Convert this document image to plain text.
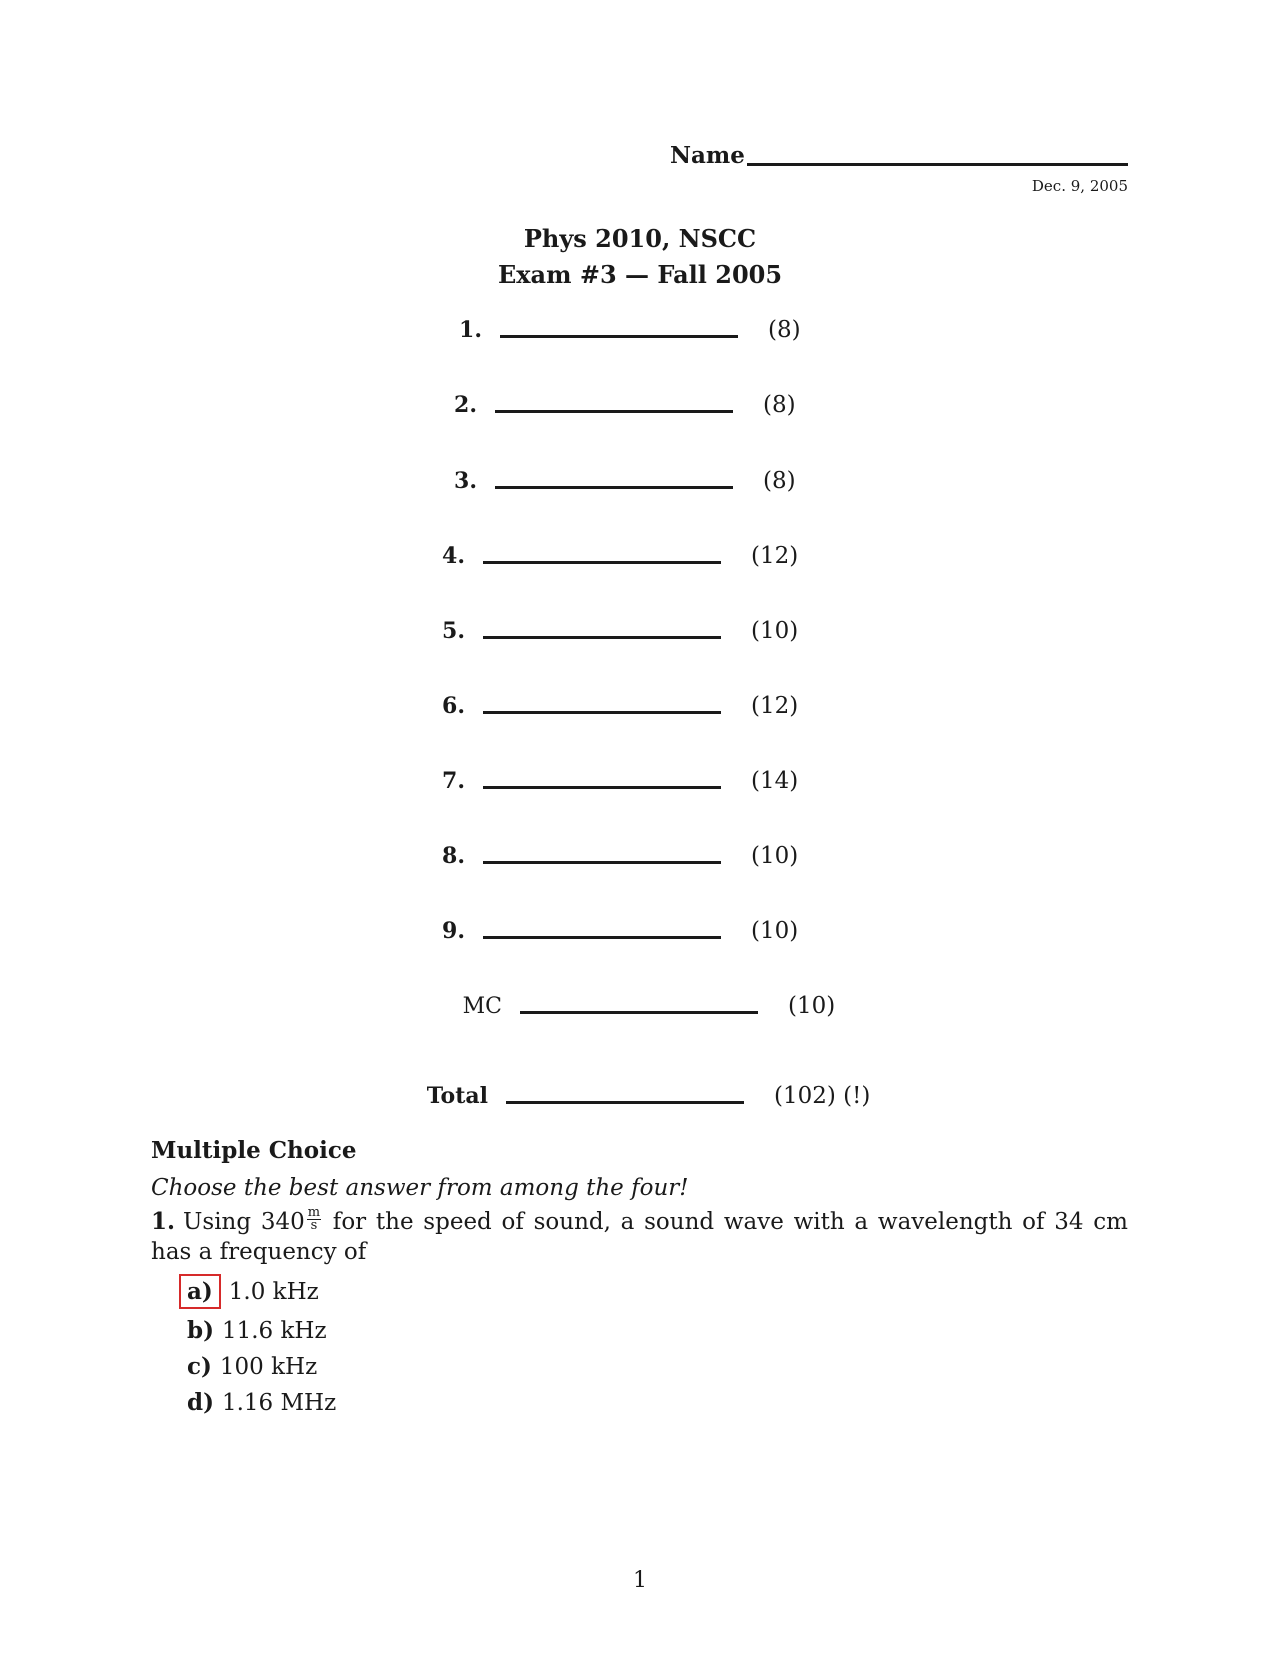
Name
Dec. 9, 2005
Phys 2010, NSCC
Exam #3 — Fall 2005
1.	(8)
2.	(8)
3.	(8)
4.	(12)
5.	(10)
6.	(12)
7.	(14)
8.	(10)
9.	(10)
MC	(10)
Total	(102) (!)
Multiple Choice
Choose the best answer from among the four!
1. Using $340 \frac{m}{s}$ for the speed of sound, a sound wave with a wavelength of 34 cm has a frequency of
a) 1.0 kHz
b) 11.6 kHz
c) 100 kHz
d) 1.16 MHz
1
